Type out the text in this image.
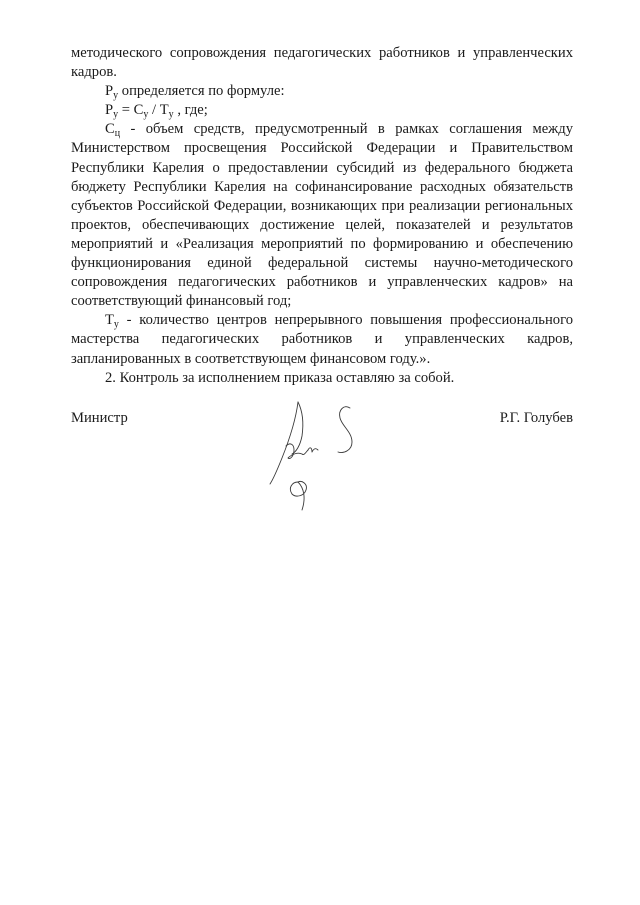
методического сопровождения педагогических работников и управленческих кадров.

$Р_у$ определяется по формуле:

$Р_у = С_у / Т_у$ , где;

$С_ц$ - объем средств, предусмотренный в рамках соглашения между Министерством просвещения Российской Федерации и Правительством Республики Карелия о предоставлении субсидий из федерального бюджета бюджету Республики Карелия на софинансирование расходных обязательств субъектов Российской Федерации, возникающих при реализации региональных проектов, обеспечивающих достижение целей, показателей и результатов мероприятий и «Реализация мероприятий по формированию и обеспечению функционирования единой федеральной системы научно-методического сопровождения педагогических работников и управленческих кадров» на соответствующий финансовый год;

$Т_у$ - количество центров непрерывного повышения профессионального мастерства педагогических работников и управленческих кадров, запланированных в соответствующем финансовом году.».

2. Контроль за исполнением приказа оставляю за собой.

Министр	Р.Г. Голубев
